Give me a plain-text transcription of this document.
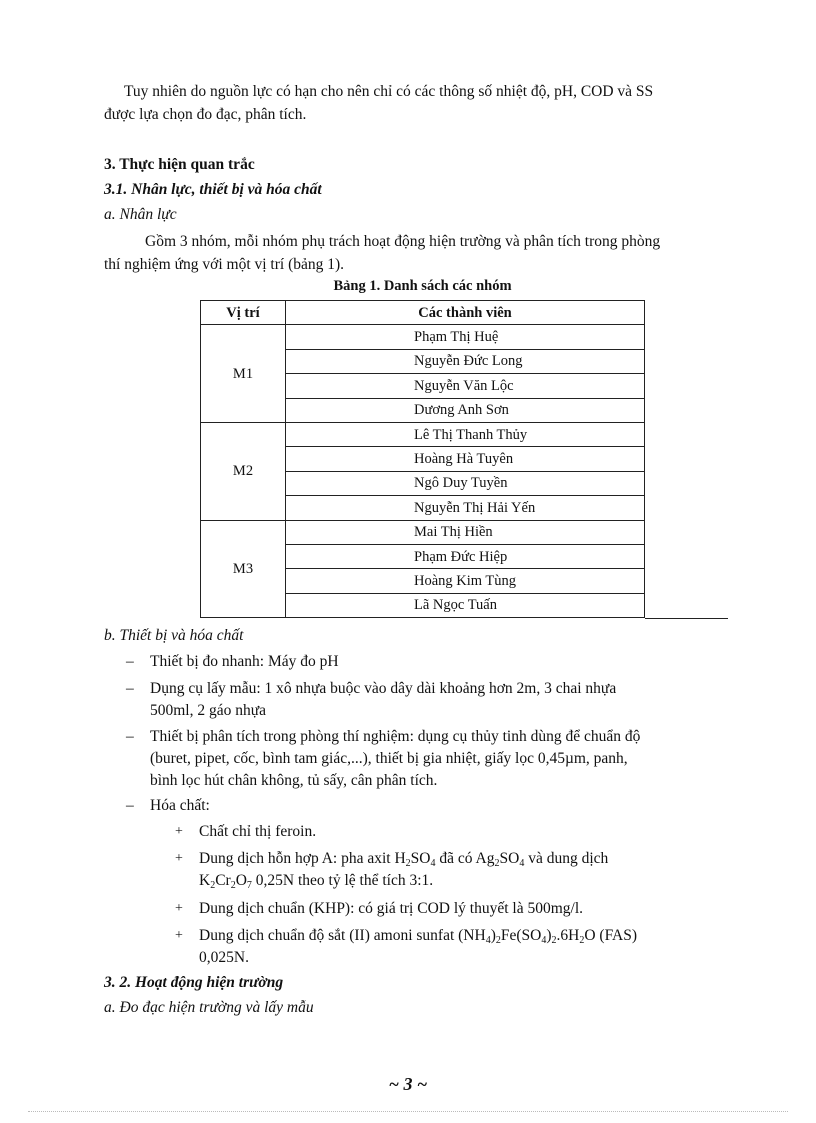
Tuy nhiên do nguồn lực có hạn cho nên chỉ có các thông số nhiệt độ, pH, COD và SS
được lựa chọn đo đạc, phân tích.
3. Thực hiện quan trắc
3.1. Nhân lực, thiết bị và hóa chất
a. Nhân lực
Gồm 3 nhóm, mỗi nhóm phụ trách hoạt động hiện trường và phân tích trong phòng
thí nghiệm ứng với một vị trí (bảng 1).
Bảng 1. Danh sách các nhóm
Vị trí	Các thành viên
M1	Phạm Thị Huệ
	Nguyễn Đức Long
	Nguyễn Văn Lộc
	Dương Anh Sơn
M2	Lê Thị Thanh Thủy
	Hoàng Hà Tuyên
	Ngô Duy Tuyền
	Nguyễn Thị Hải Yến
M3	Mai Thị Hiền
	Phạm Đức Hiệp
	Hoàng Kim Tùng
	Lã Ngọc Tuấn
b. Thiết bị và hóa chất
– Thiết bị đo nhanh: Máy đo pH
– Dụng cụ lấy mẫu: 1 xô nhựa buộc vào dây dài khoảng hơn 2m, 3 chai nhựa
500ml, 2 gáo nhựa
– Thiết bị phân tích trong phòng thí nghiệm: dụng cụ thủy tinh dùng để chuẩn độ
(buret, pipet, cốc, bình tam giác,...), thiết bị gia nhiệt, giấy lọc 0,45µm, panh,
bình lọc hút chân không, tủ sấy, cân phân tích.
– Hóa chất:
+ Chất chỉ thị feroin.
+ Dung dịch hỗn hợp A: pha axit $H_2SO_4$ đã có $Ag_2SO_4$ và dung dịch
$K_2Cr_2O_7$ 0,25N theo tỷ lệ thể tích 3:1.
+ Dung dịch chuẩn (KHP): có giá trị COD lý thuyết là 500mg/l.
+ Dung dịch chuẩn độ sắt (II) amoni sunfat $(NH_4)_2Fe(SO_4)_2.6H_2O$ (FAS)
0,025N.
3. 2. Hoạt động hiện trường
a. Đo đạc hiện trường và lấy mẫu
~ 3 ~
